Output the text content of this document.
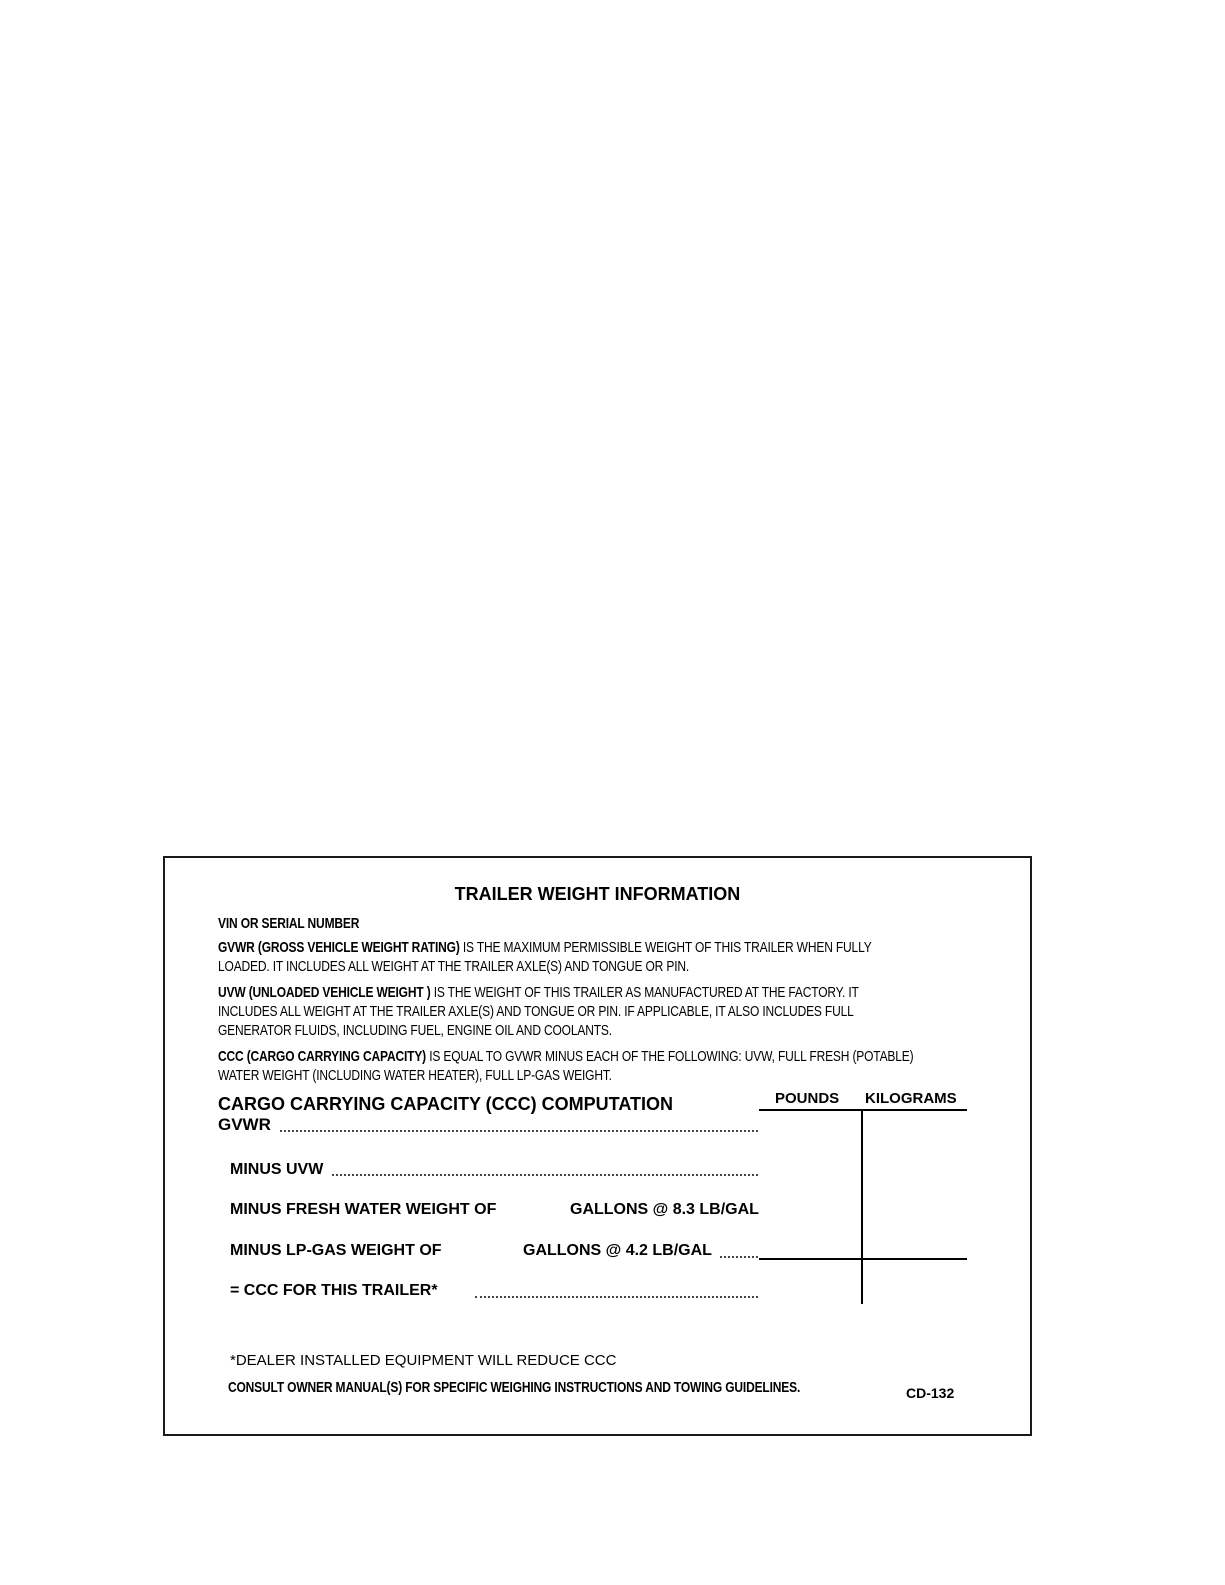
TRAILER WEIGHT INFORMATION
VIN OR SERIAL NUMBER
GVWR (GROSS VEHICLE WEIGHT RATING) IS THE MAXIMUM PERMISSIBLE WEIGHT OF THIS TRAILER WHEN FULLY
LOADED. IT INCLUDES ALL WEIGHT AT THE TRAILER AXLE(S) AND TONGUE OR PIN.
UVW (UNLOADED VEHICLE WEIGHT ) IS THE WEIGHT OF THIS TRAILER AS MANUFACTURED AT THE FACTORY. IT
INCLUDES ALL WEIGHT AT THE TRAILER AXLE(S) AND TONGUE OR PIN. IF APPLICABLE, IT ALSO INCLUDES FULL
GENERATOR FLUIDS, INCLUDING FUEL, ENGINE OIL AND COOLANTS.
CCC (CARGO CARRYING CAPACITY) IS EQUAL TO GVWR MINUS EACH OF THE FOLLOWING: UVW, FULL FRESH (POTABLE)
WATER WEIGHT (INCLUDING WATER HEATER), FULL LP-GAS WEIGHT.
CARGO CARRYING CAPACITY (CCC) COMPUTATION	POUNDS KILOGRAMS
GVWR
MINUS UVW
MINUS FRESH WATER WEIGHT OF	GALLONS @ 8.3 LB/GAL
MINUS LP-GAS WEIGHT OF	GALLONS @ 4.2 LB/GAL
= CCC FOR THIS TRAILER*
*DEALER INSTALLED EQUIPMENT WILL REDUCE CCC
CONSULT OWNER MANUAL(S) FOR SPECIFIC WEIGHING INSTRUCTIONS AND TOWING GUIDELINES.	CD-132
